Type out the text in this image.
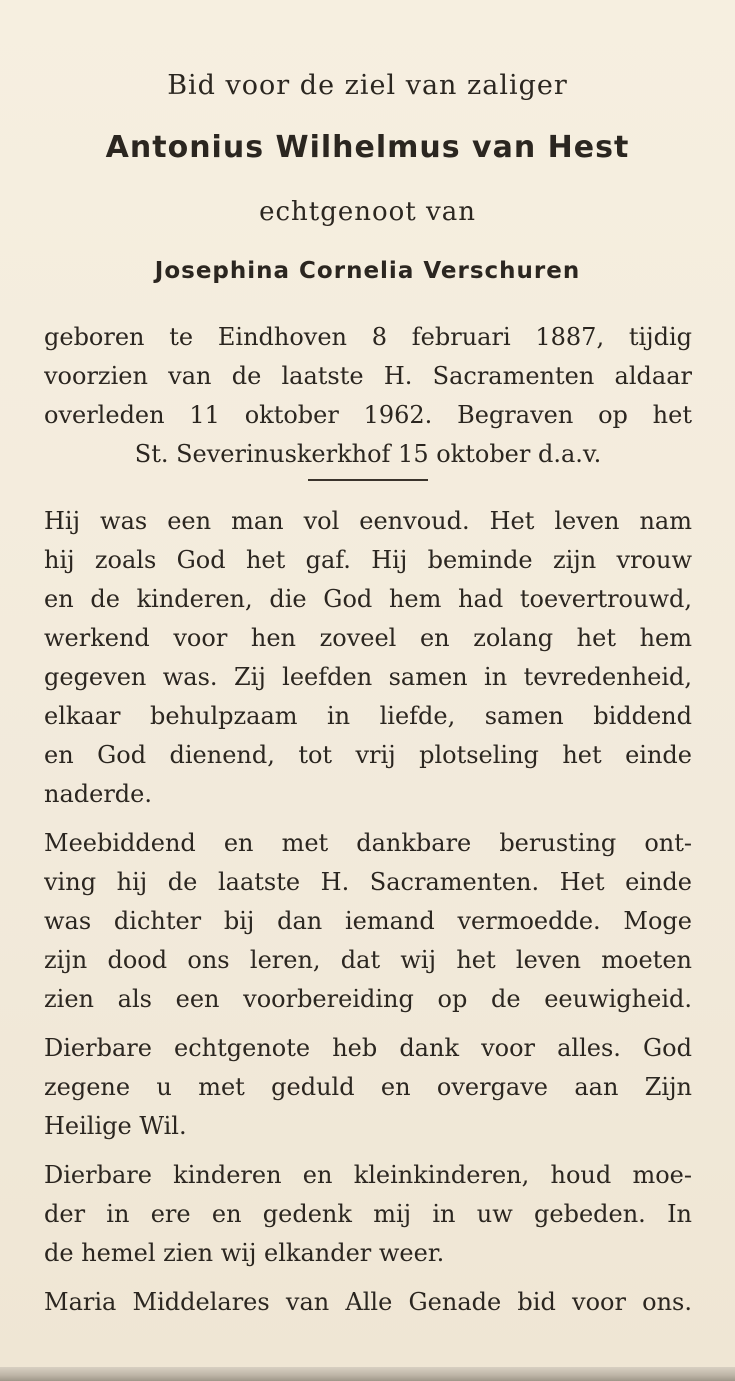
Bid voor de ziel van zaliger
Antonius Wilhelmus van Hest
echtgenoot van
Josephina Cornelia Verschuren
geboren te Eindhoven 8 februari 1887, tijdig
voorzien van de laatste H. Sacramenten aldaar
overleden 11 oktober 1962. Begraven op het
St. Severinuskerkhof 15 oktober d.a.v.
Hij was een man vol eenvoud. Het leven nam
hij zoals God het gaf. Hij beminde zijn vrouw
en de kinderen, die God hem had toevertrouwd,
werkend voor hen zoveel en zolang het hem
gegeven was. Zij leefden samen in tevredenheid,
elkaar behulpzaam in liefde, samen biddend
en God dienend, tot vrij plotseling het einde
naderde.
Meebiddend en met dankbare berusting ont-
ving hij de laatste H. Sacramenten. Het einde
was dichter bij dan iemand vermoedde. Moge
zijn dood ons leren, dat wij het leven moeten
zien als een voorbereiding op de eeuwigheid.
Dierbare echtgenote heb dank voor alles. God
zegene u met geduld en overgave aan Zijn
Heilige Wil.
Dierbare kinderen en kleinkinderen, houd moe-
der in ere en gedenk mij in uw gebeden. In
de hemel zien wij elkander weer.
Maria Middelares van Alle Genade bid voor ons.
